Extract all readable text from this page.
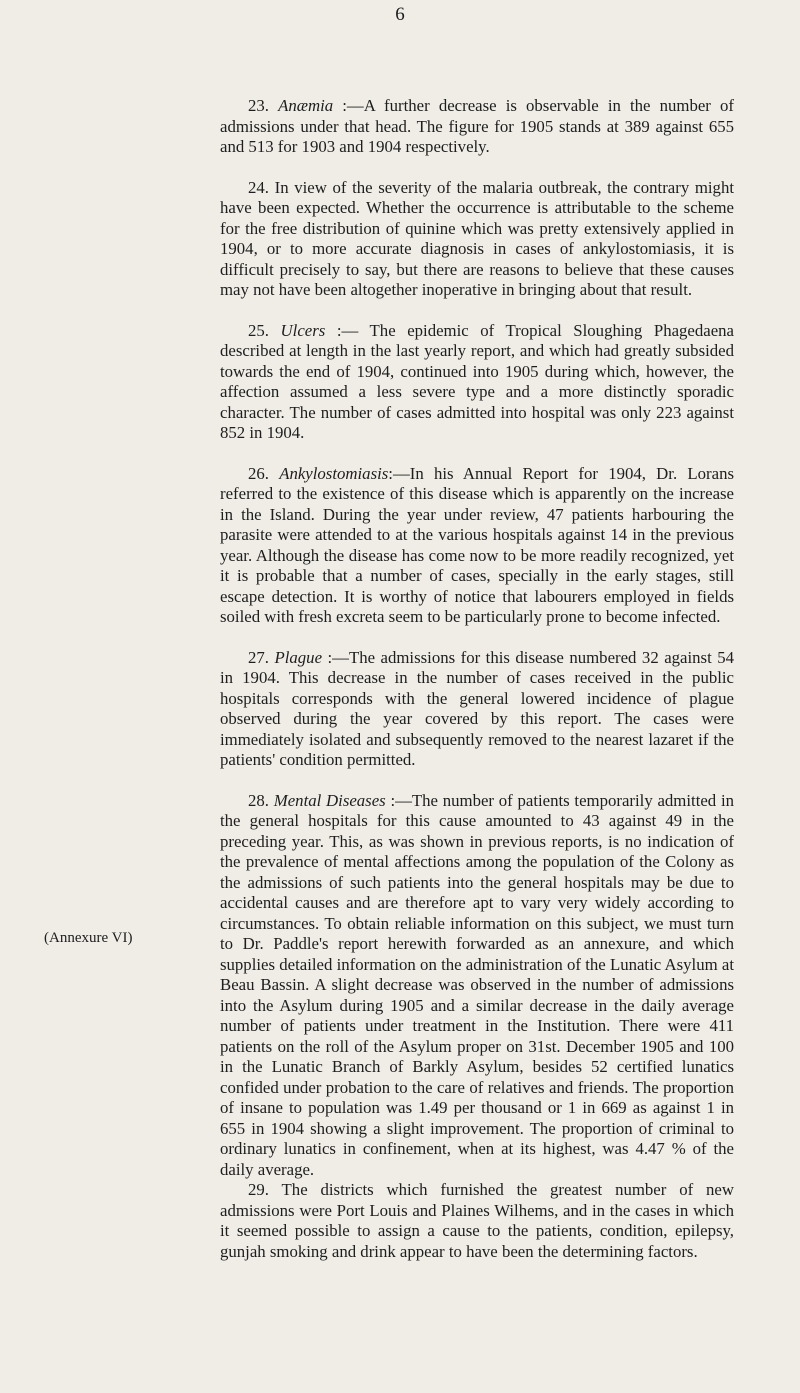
6
(Annexure VI)

23. Anæmia :—A further decrease is observable in the number of admissions under that head. The figure for 1905 stands at 389 against 655 and 513 for 1903 and 1904 respectively.

24. In view of the severity of the malaria outbreak, the contrary might have been expected. Whether the occurrence is attributable to the scheme for the free distribution of quinine which was pretty extensively applied in 1904, or to more accurate diagnosis in cases of ankylostomiasis, it is difficult precisely to say, but there are reasons to believe that these causes may not have been altogether inoperative in bringing about that result.

25. Ulcers :— The epidemic of Tropical Sloughing Phagedaena described at length in the last yearly report, and which had greatly subsided towards the end of 1904, continued into 1905 during which, however, the affection assumed a less severe type and a more distinctly sporadic character. The number of cases admitted into hospital was only 223 against 852 in 1904.

26. Ankylostomiasis:—In his Annual Report for 1904, Dr. Lorans referred to the existence of this disease which is apparently on the increase in the Island. During the year under review, 47 patients harbouring the parasite were attended to at the various hospitals against 14 in the previous year. Although the disease has come now to be more readily recognized, yet it is probable that a number of cases, specially in the early stages, still escape detection. It is worthy of notice that labourers employed in fields soiled with fresh excreta seem to be particularly prone to become infected.

27. Plague :—The admissions for this disease numbered 32 against 54 in 1904. This decrease in the number of cases received in the public hospitals corresponds with the general lowered incidence of plague observed during the year covered by this report. The cases were immediately isolated and subsequently removed to the nearest lazaret if the patients' condition permitted.

28. Mental Diseases :—The number of patients temporarily admitted in the general hospitals for this cause amounted to 43 against 49 in the preceding year. This, as was shown in previous reports, is no indication of the prevalence of mental affections among the population of the Colony as the admissions of such patients into the general hospitals may be due to accidental causes and are therefore apt to vary very widely according to circumstances. To obtain reliable information on this subject, we must turn to Dr. Paddle's report herewith forwarded as an annexure, and which supplies detailed information on the administration of the Lunatic Asylum at Beau Bassin. A slight decrease was observed in the number of admissions into the Asylum during 1905 and a similar decrease in the daily average number of patients under treatment in the Institution. There were 411 patients on the roll of the Asylum proper on 31st. December 1905 and 100 in the Lunatic Branch of Barkly Asylum, besides 52 certified lunatics confided under probation to the care of relatives and friends. The proportion of insane to population was 1.49 per thousand or 1 in 669 as against 1 in 655 in 1904 showing a slight improvement. The proportion of criminal to ordinary lunatics in confinement, when at its highest, was 4.47 % of the daily average.

29. The districts which furnished the greatest number of new admissions were Port Louis and Plaines Wilhems, and in the cases in which it seemed possible to assign a cause to the patients, condition, epilepsy, gunjah smoking and drink appear to have been the determining factors.
